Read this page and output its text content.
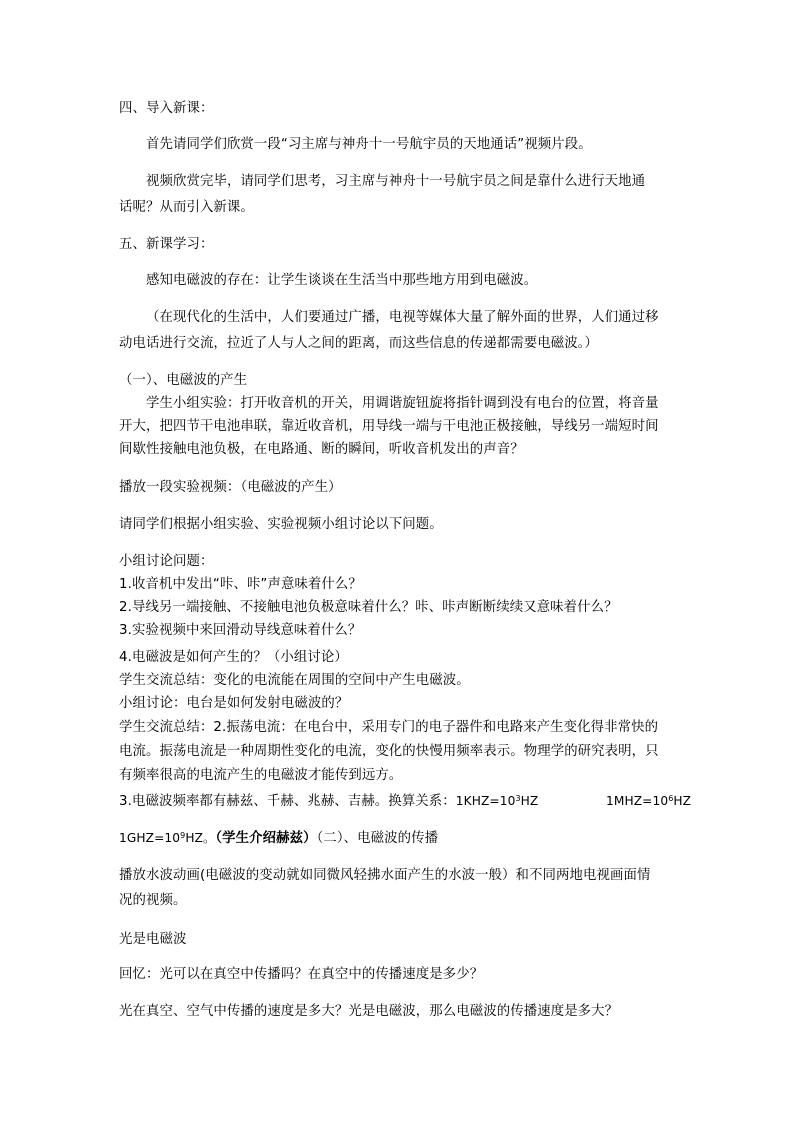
四、导入新课：

首先请同学们欣赏一段“习主席与神舟十一号航宇员的天地通话”视频片段。

视频欣赏完毕，请同学们思考，习主席与神舟十一号航宇员之间是靠什么进行天地通

话呢？从而引入新课。

五、新课学习：

感知电磁波的存在：让学生谈谈在生活当中那些地方用到电磁波。

（在现代化的生活中，人们要通过广播，电视等媒体大量了解外面的世界，人们通过移

动电话进行交流，拉近了人与人之间的距离，而这些信息的传递都需要电磁波。）

（一）、电磁波的产生

学生小组实验：打开收音机的开关，用调谐旋钮旋将指针调到没有电台的位置，将音量

开大，把四节干电池串联，靠近收音机，用导线一端与干电池正极接触，导线另一端短时间

间歇性接触电池负极，在电路通、断的瞬间，听收音机发出的声音？

播放一段实验视频：（电磁波的产生）

请同学们根据小组实验、实验视频小组讨论以下问题。

小组讨论问题：

1.收音机中发出“咔、咔”声意味着什么？

2.导线另一端接触、不接触电池负极意味着什么？咔、咔声断断续续又意味着什么？

3.实验视频中来回滑动导线意味着什么？

4.电磁波是如何产生的？（小组讨论）

学生交流总结：变化的电流能在周围的空间中产生电磁波。

小组讨论：电台是如何发射电磁波的？

学生交流总结：2.振荡电流：在电台中，采用专门的电子器件和电路来产生变化得非常快的

电流。振荡电流是一种周期性变化的电流，变化的快慢用频率表示。物理学的研究表明，只

有频率很高的电流产生的电磁波才能传到远方。

3.电磁波频率都有赫兹、千赫、兆赫、吉赫。换算关系：$1KHZ=10^3HZ$	$1MHZ=10^6HZ$

$1GHZ=10^9HZ$。（学生介绍赫兹）（二）、电磁波的传播

播放水波动画(电磁波的变动就如同微风轻拂水面产生的水波一般）和不同两地电视画面情

况的视频。

光是电磁波

回忆：光可以在真空中传播吗？在真空中的传播速度是多少？

光在真空、空气中传播的速度是多大？光是电磁波，那么电磁波的传播速度是多大？
